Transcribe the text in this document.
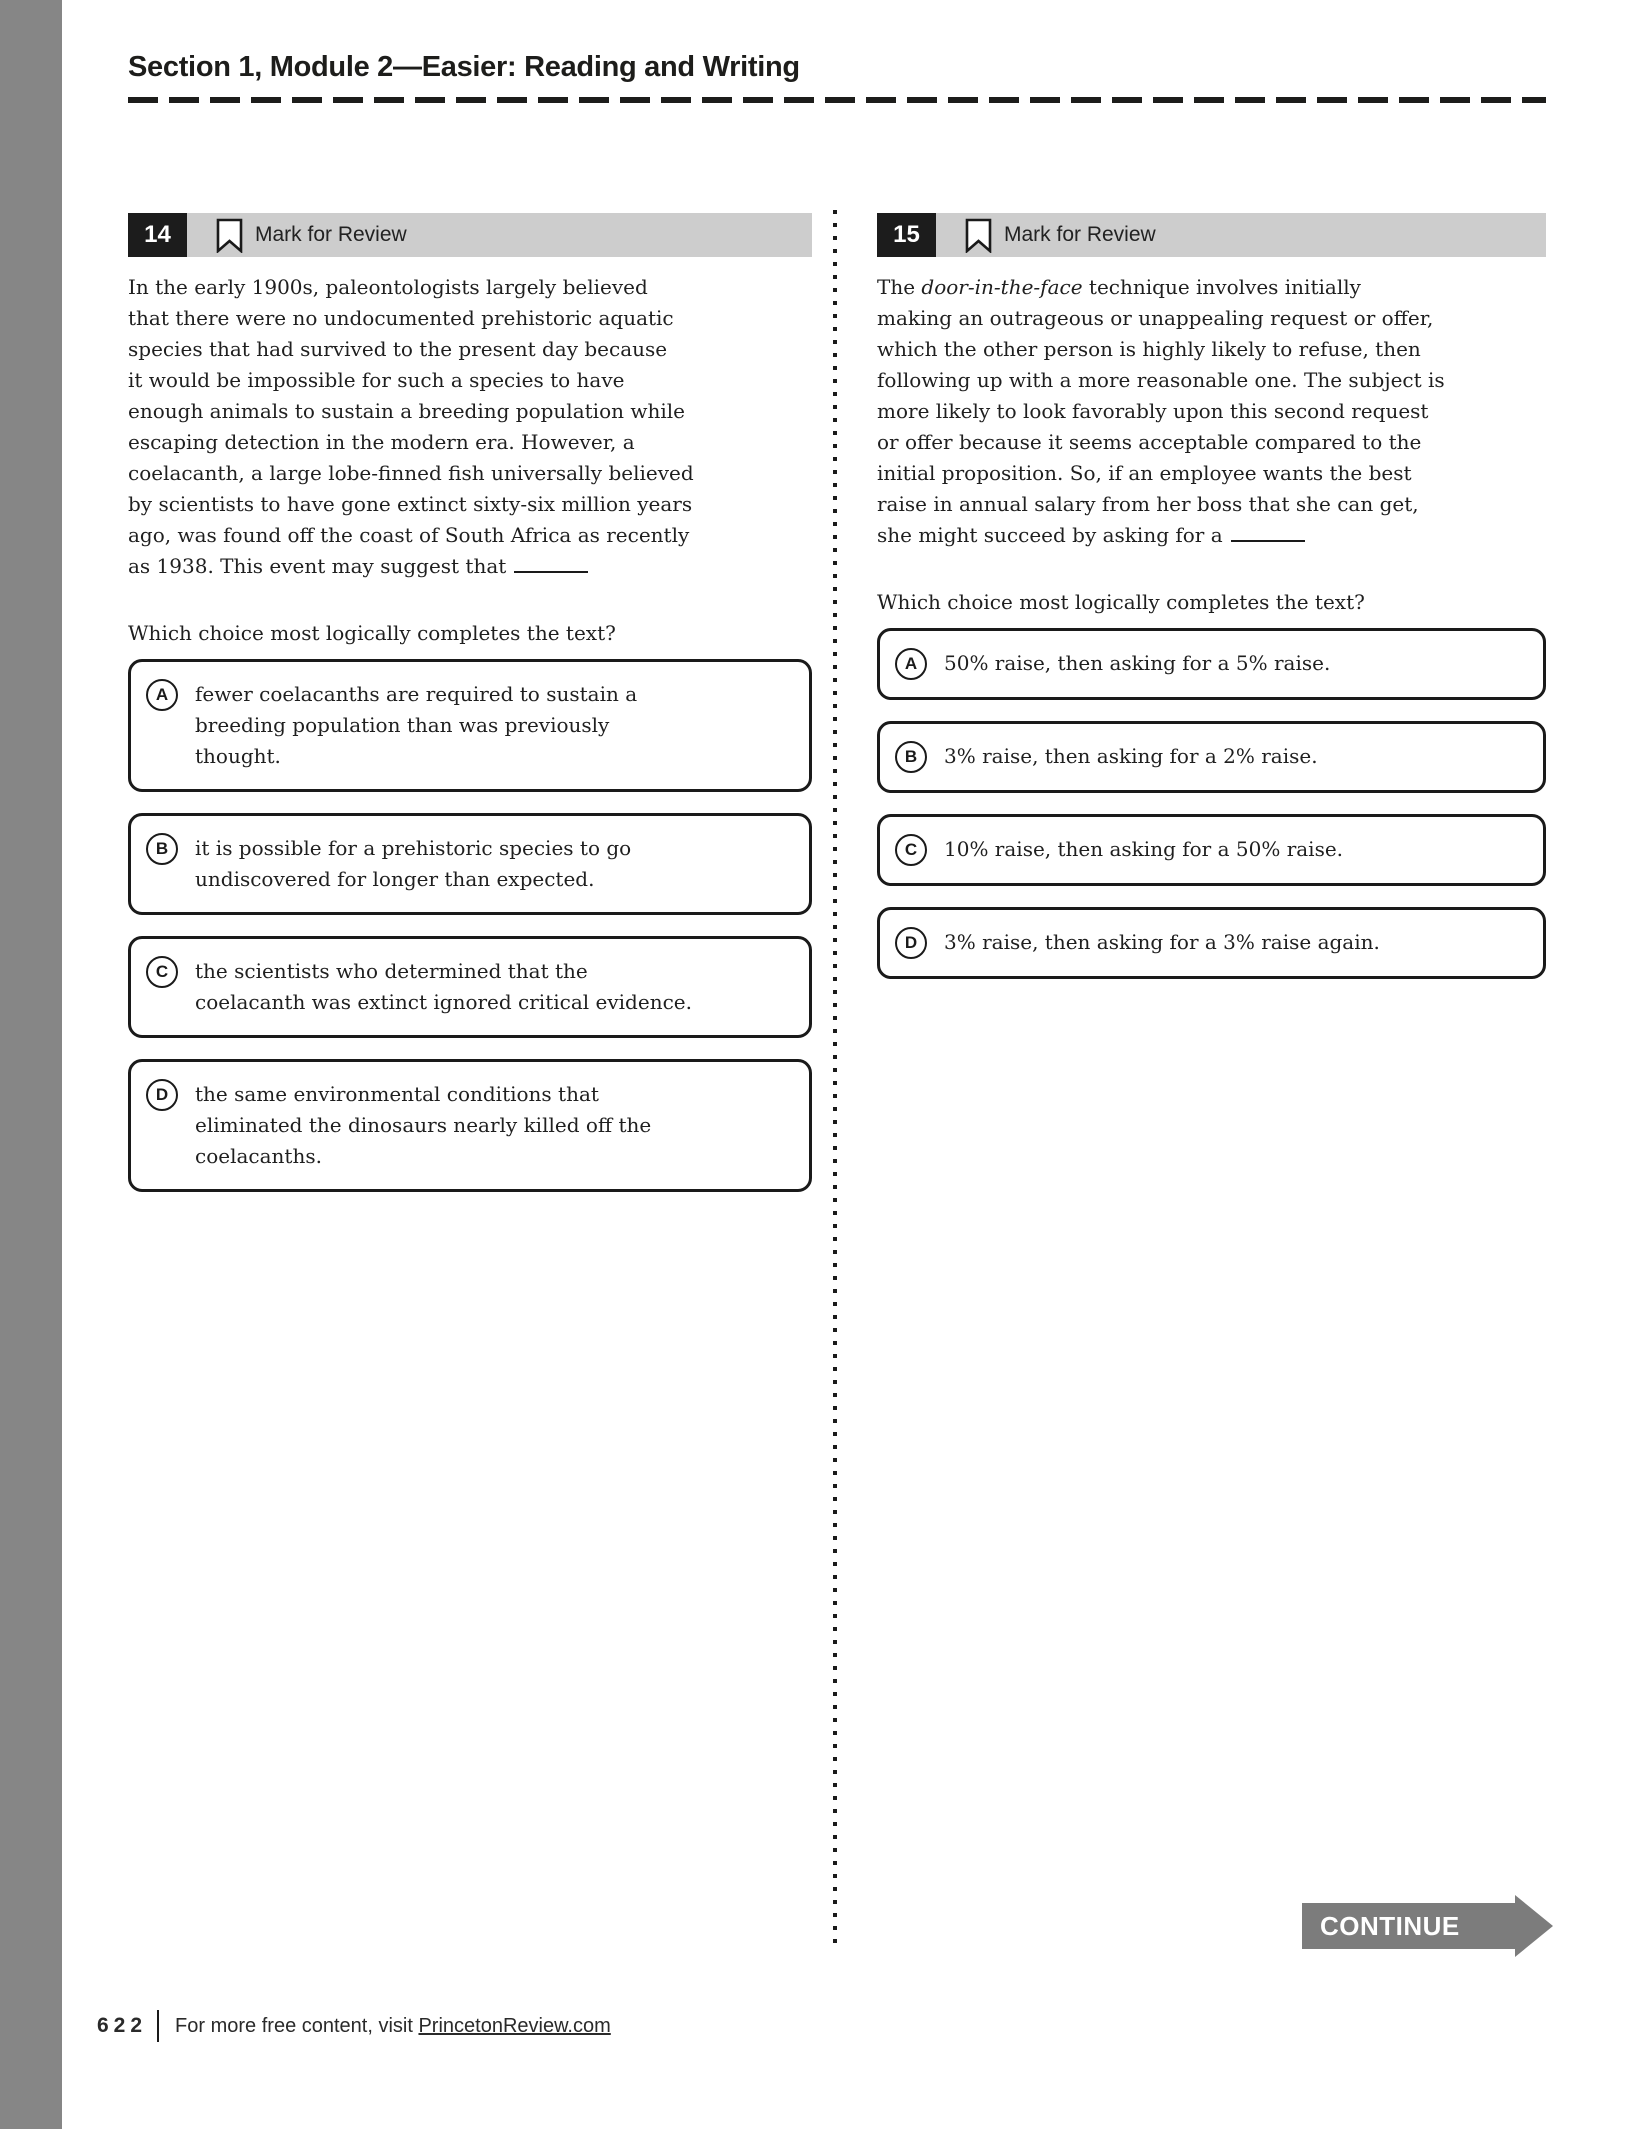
Section 1, Module 2—Easier: Reading and Writing
14	Mark for Review
In the early 1900s, paleontologists largely believed
that there were no undocumented prehistoric aquatic
species that had survived to the present day because
it would be impossible for such a species to have
enough animals to sustain a breeding population while
escaping detection in the modern era. However, a
coelacanth, a large lobe-finned fish universally believed
by scientists to have gone extinct sixty-six million years
ago, was found off the coast of South Africa as recently
as 1938. This event may suggest that
Which choice most logically completes the text?
A	fewer coelacanths are required to sustain a
breeding population than was previously
thought.
B	it is possible for a prehistoric species to go
undiscovered for longer than expected.
C	the scientists who determined that the
coelacanth was extinct ignored critical evidence.
D	the same environmental conditions that
eliminated the dinosaurs nearly killed off the
coelacanths.
15	Mark for Review
The door-in-the-face technique involves initially
making an outrageous or unappealing request or offer,
which the other person is highly likely to refuse, then
following up with a more reasonable one. The subject is
more likely to look favorably upon this second request
or offer because it seems acceptable compared to the
initial proposition. So, if an employee wants the best
raise in annual salary from her boss that she can get,
she might succeed by asking for a
Which choice most logically completes the text?
A	50% raise, then asking for a 5% raise.
B	3% raise, then asking for a 2% raise.
C	10% raise, then asking for a 50% raise.
D	3% raise, then asking for a 3% raise again.
CONTINUE
622 For more free content, visit PrincetonReview.com
